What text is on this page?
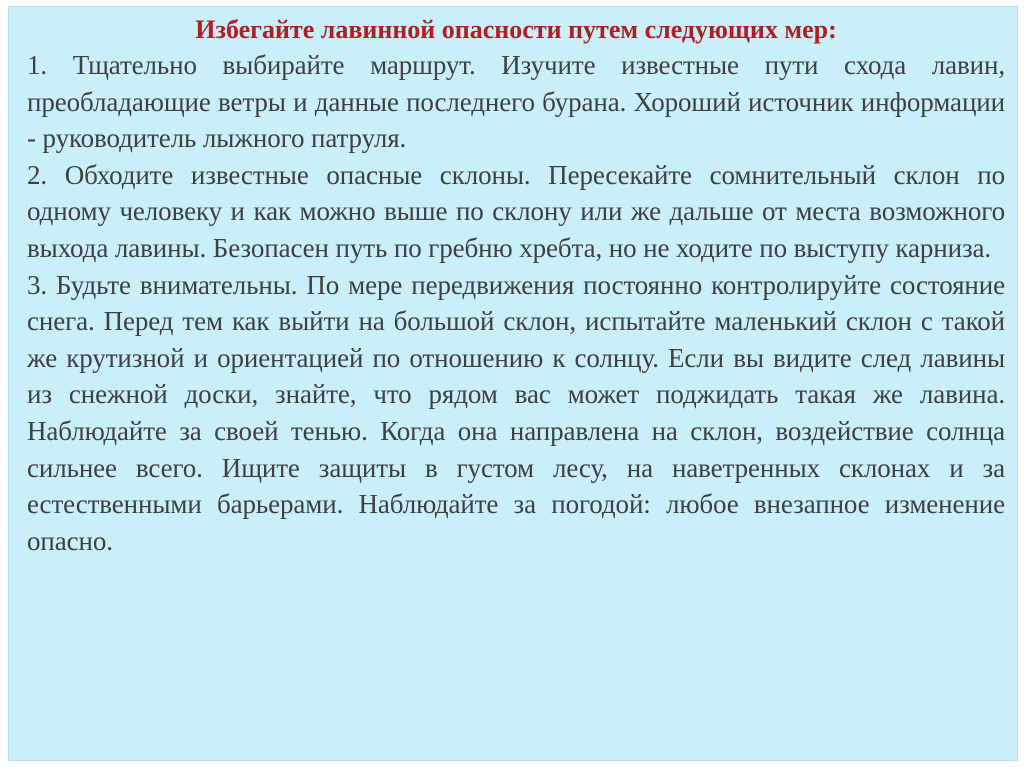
Избегайте лавинной опасности путем следующих мер:

1. Тщательно выбирайте маршрут. Изучите известные пути схода лавин, преобладающие ветры и данные последнего бурана. Хороший источник информации - руководитель лыжного патруля.

2. Обходите известные опасные склоны. Пересекайте сомнительный склон по одному человеку и как можно выше по склону или же дальше от места возможного выхода лавины. Безопасен путь по гребню хребта, но не ходите по выступу карниза.

3. Будьте внимательны. По мере передвижения постоянно контролируйте состояние снега. Перед тем как выйти на большой склон, испытайте маленький склон с такой же крутизной и ориентацией по отношению к солнцу. Если вы видите след лавины из снежной доски, знайте, что рядом вас может поджидать такая же лавина. Наблюдайте за своей тенью. Когда она направлена на склон, воздействие солнца сильнее всего. Ищите защиты в густом лесу, на наветренных склонах и за естественными барьерами. Наблюдайте за погодой: любое внезапное изменение опасно.
